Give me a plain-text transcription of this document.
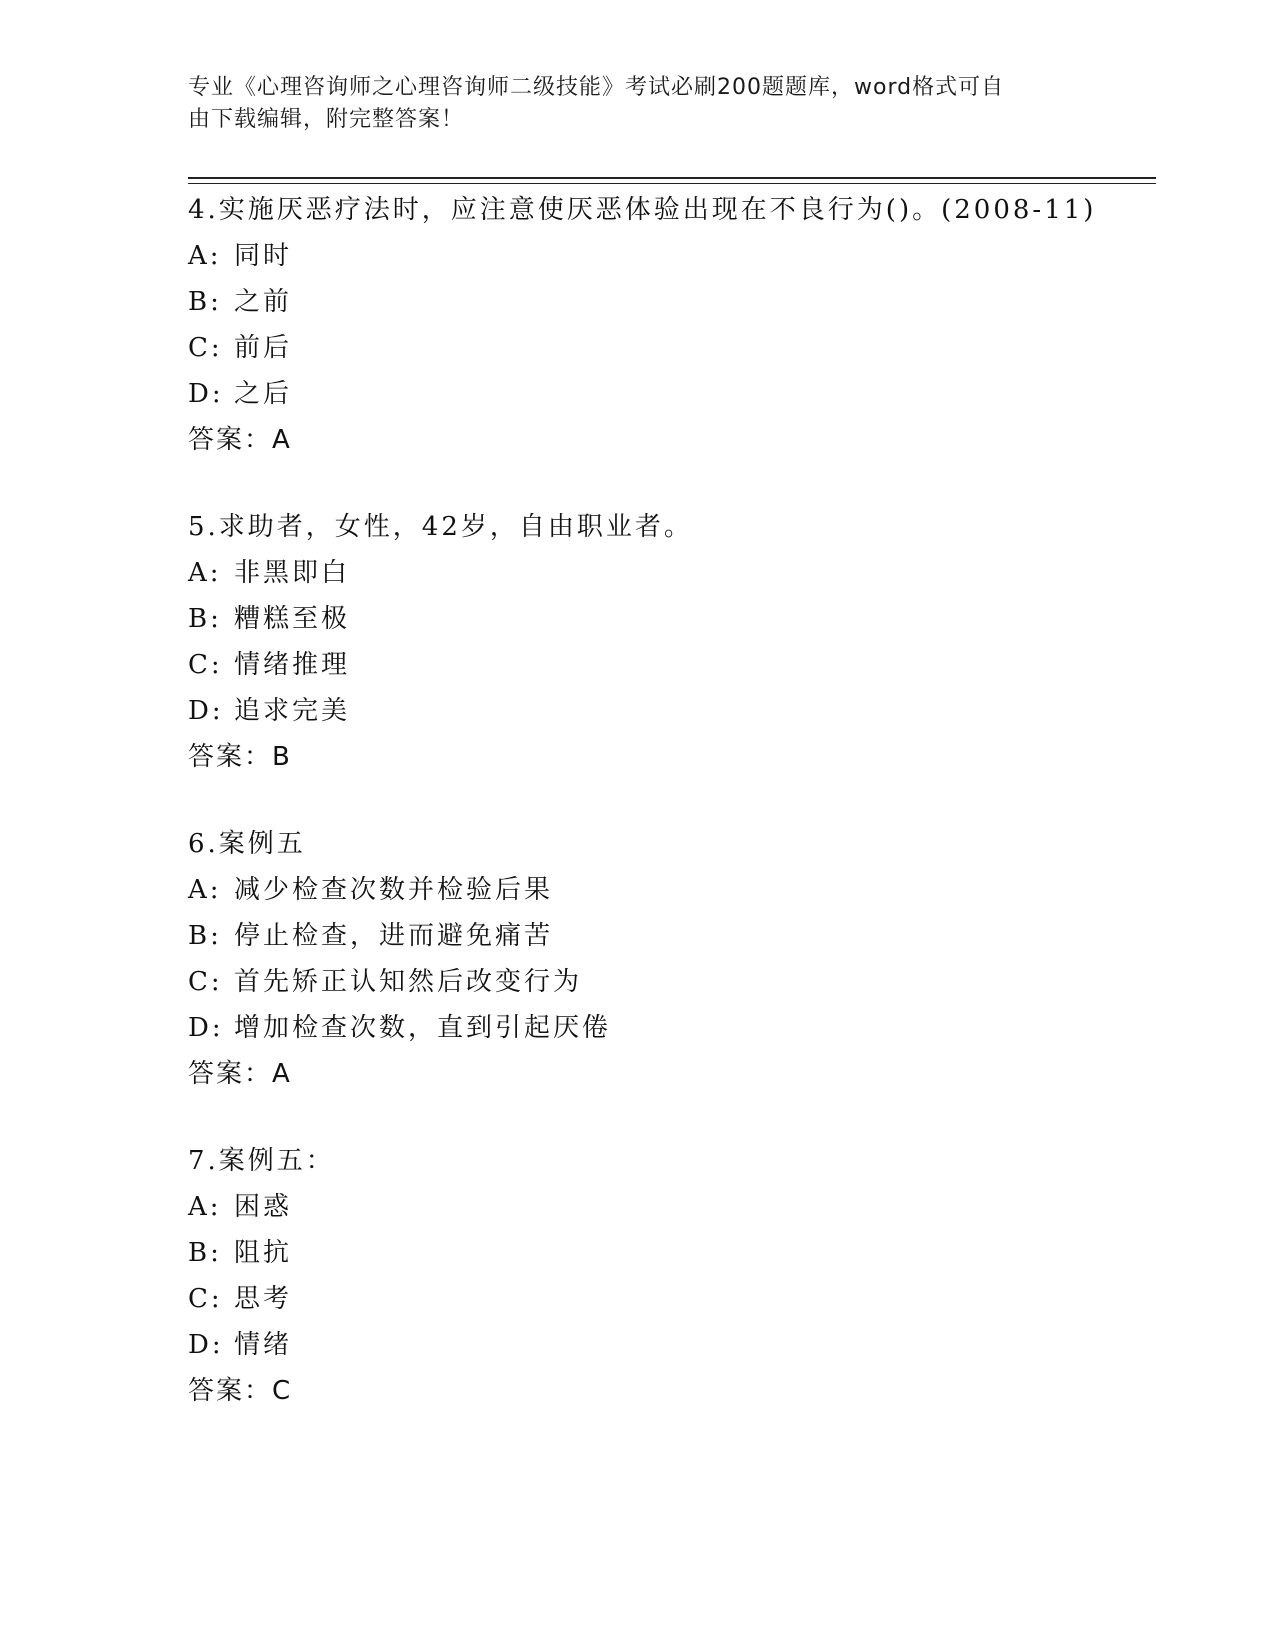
专业《心理咨询师之心理咨询师二级技能》考试必刷200题题库，word格式可自
由下载编辑，附完整答案！
4.实施厌恶疗法时，应注意使厌恶体验出现在不良行为()。(2008-11)
A: 同时
B: 之前
C: 前后
D: 之后
答案：A
5.求助者，女性，42岁，自由职业者。
A: 非黑即白
B: 糟糕至极
C: 情绪推理
D: 追求完美
答案：B
6.案例五
A: 减少检查次数并检验后果
B: 停止检查，进而避免痛苦
C: 首先矫正认知然后改变行为
D: 增加检查次数，直到引起厌倦
答案：A
7.案例五：
A: 困惑
B: 阻抗
C: 思考
D: 情绪
答案：C
